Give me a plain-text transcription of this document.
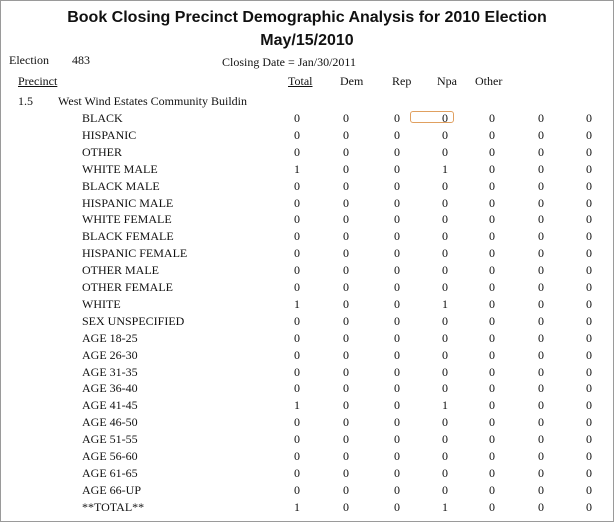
Book Closing Precinct Demographic Analysis for 2010 Election
May/15/2010
Election 483	Closing Date = Jan/30/2011
Precinct	Total Dem Rep Npa Other
1.5 West Wind Estates Community Buildin
BLACK	0	0	0	0	0	0	0
HISPANIC	0	0	0	0	0	0	0
OTHER	0	0	0	0	0	0	0
WHITE MALE	1	0	0	1	0	0	0
BLACK MALE	0	0	0	0	0	0	0
HISPANIC MALE	0	0	0	0	0	0	0
WHITE FEMALE	0	0	0	0	0	0	0
BLACK FEMALE	0	0	0	0	0	0	0
HISPANIC FEMALE	0	0	0	0	0	0	0
OTHER MALE	0	0	0	0	0	0	0
OTHER FEMALE	0	0	0	0	0	0	0
WHITE	1	0	0	1	0	0	0
SEX UNSPECIFIED	0	0	0	0	0	0	0
AGE 18-25	0	0	0	0	0	0	0
AGE 26-30	0	0	0	0	0	0	0
AGE 31-35	0	0	0	0	0	0	0
AGE 36-40	0	0	0	0	0	0	0
AGE 41-45	1	0	0	1	0	0	0
AGE 46-50	0	0	0	0	0	0	0
AGE 51-55	0	0	0	0	0	0	0
AGE 56-60	0	0	0	0	0	0	0
AGE 61-65	0	0	0	0	0	0	0
AGE 66-UP	0	0	0	0	0	0	0
**TOTAL**	1	0	0	1	0	0	0
